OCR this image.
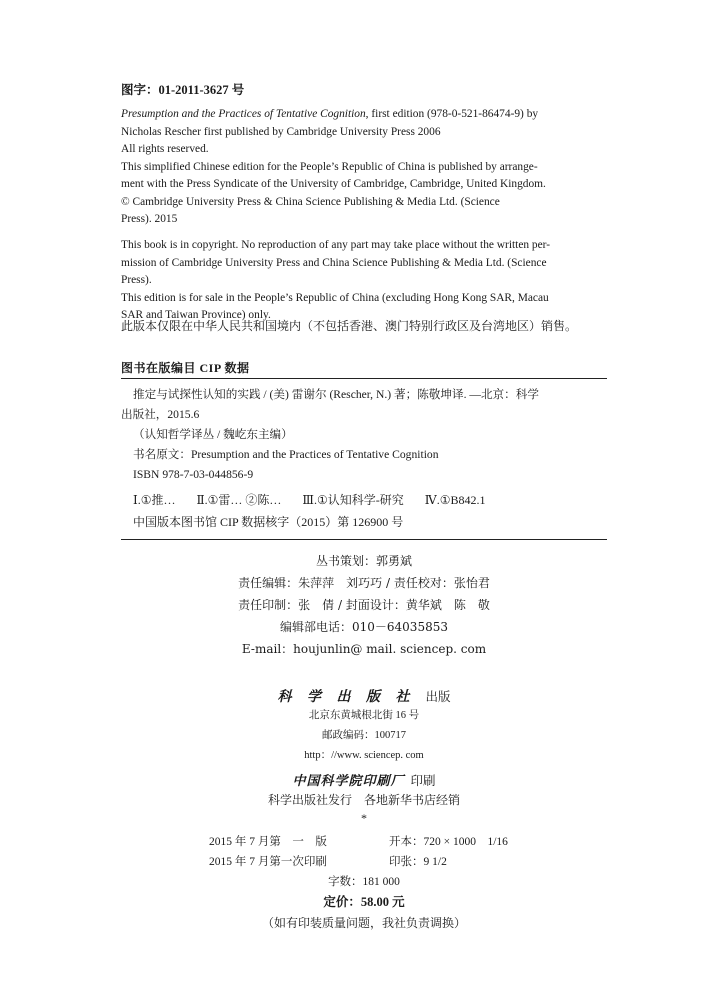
图字：01-2011-3627 号

Presumption and the Practices of Tentative Cognition, first edition (978-0-521-86474-9) by

Nicholas Rescher first published by Cambridge University Press 2006

All rights reserved.

This simplified Chinese edition for the People’s Republic of China is published by arrange-

ment with the Press Syndicate of the University of Cambridge, Cambridge, United Kingdom.

© Cambridge University Press & China Science Publishing & Media Ltd. (Science

Press). 2015

This book is in copyright. No reproduction of any part may take place without the written per-

mission of Cambridge University Press and China Science Publishing & Media Ltd. (Science

Press).

This edition is for sale in the People’s Republic of China (excluding Hong Kong SAR, Macau

SAR and Taiwan Province) only.

此版本仅限在中华人民共和国境内（不包括香港、澳门特别行政区及台湾地区）销售。
图书在版编目 CIP 数据

推定与试探性认知的实践 / (美) 雷谢尔 (Rescher, N.) 著；陈敬坤译. —北京：科学

出版社，2015.6

（认知哲学译丛 / 魏屹东主编）

书名原文：Presumption and the Practices of Tentative Cognition

ISBN 978-7-03-044856-9

Ⅰ.①推… Ⅱ.①雷… ②陈… Ⅲ.①认知科学-研究 Ⅳ.①B842.1
中国版本图书馆 CIP 数据核字（2015）第 126900 号
丛书策划：郭勇斌
责任编辑：朱萍萍　刘巧巧 / 责任校对：张怡君
责任印制：张　倩 / 封面设计：黄华斌　陈　敬
编辑部电话：010－64035853
E-mail：houjunlin@ mail. sciencep. com
科 学 出 版 社 出版
北京东黄城根北街 16 号
邮政编码：100717
http：//www. sciencep. com
中国科学院印刷厂 印刷
科学出版社发行　各地新华书店经销
*
2015 年 7 月第　一　版	开本：720 × 1000　1/16
2015 年 7 月第一次印刷	印张：9 1/2
字数：181 000
定价：58.00 元
（如有印装质量问题，我社负责调换）
